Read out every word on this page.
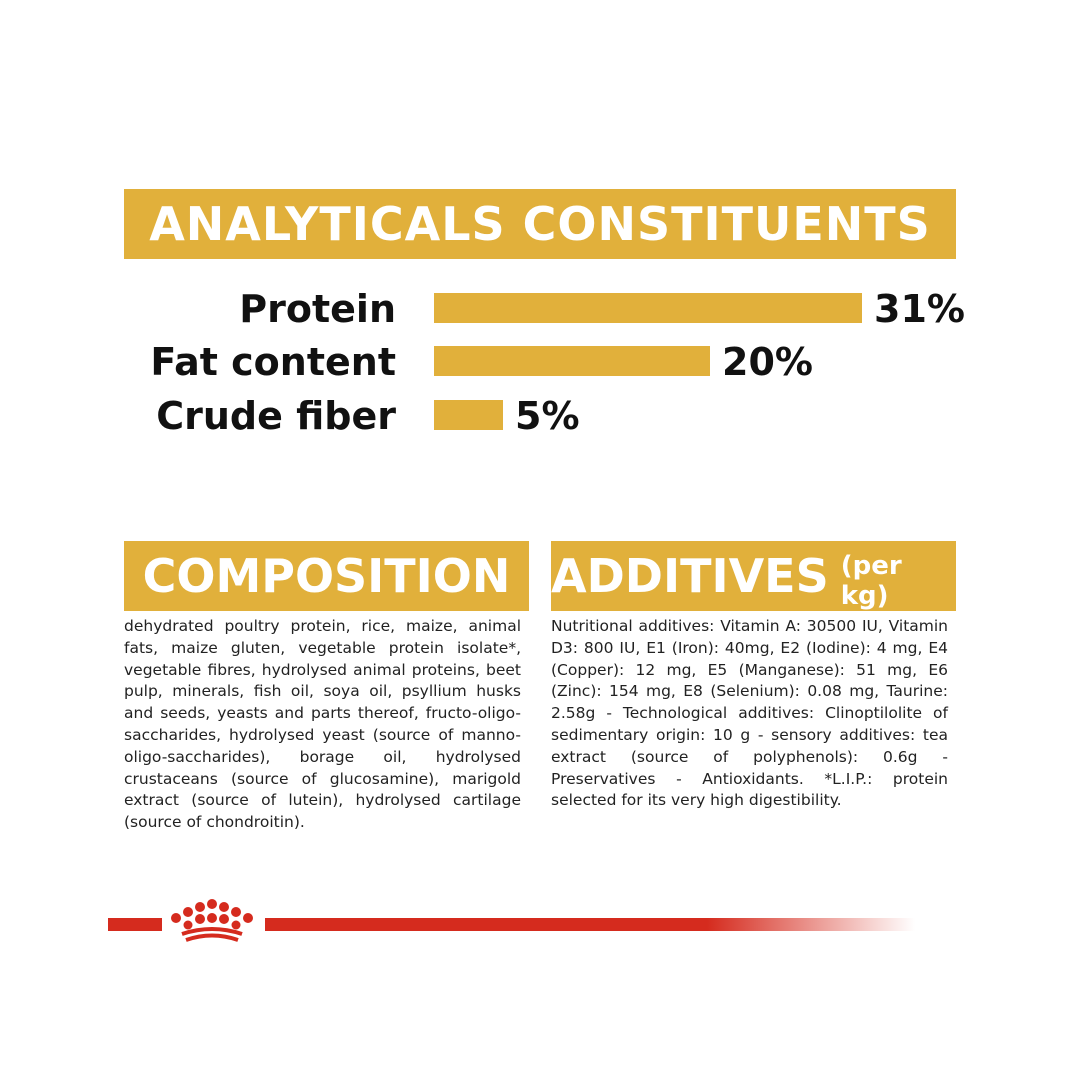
ANALYTICALS CONSTITUENTS
Protein	31%
Fat content	20%
Crude fiber	5%
COMPOSITION ADDITIVES (per kg)
dehydrated poultry protein, rice, maize, animal fats, maize gluten, vegetable protein isolate*, vegetable fibres, hydrolysed animal proteins, beet pulp, minerals, fish oil, soya oil, psyllium husks and seeds, yeasts and parts thereof, fructo-oligo-saccharides, hydrolysed yeast (source of manno-oligo-saccharides), borage oil, hydrolysed crustaceans (source of glucosamine), marigold extract (source of lutein), hydrolysed cartilage (source of chondroitin).
Nutritional additives: Vitamin A: 30500 IU, Vitamin D3: 800 IU, E1 (Iron): 40mg, E2 (Iodine): 4 mg, E4 (Copper): 12 mg, E5 (Manganese): 51 mg, E6 (Zinc): 154 mg, E8 (Selenium): 0.08 mg, Taurine: 2.58g - Technological additives: Clinoptilolite of sedimentary origin: 10 g - sensory additives: tea extract (source of polyphenols): 0.6g - Preservatives - Antioxidants. *L.I.P.: protein selected for its very high digestibility.
